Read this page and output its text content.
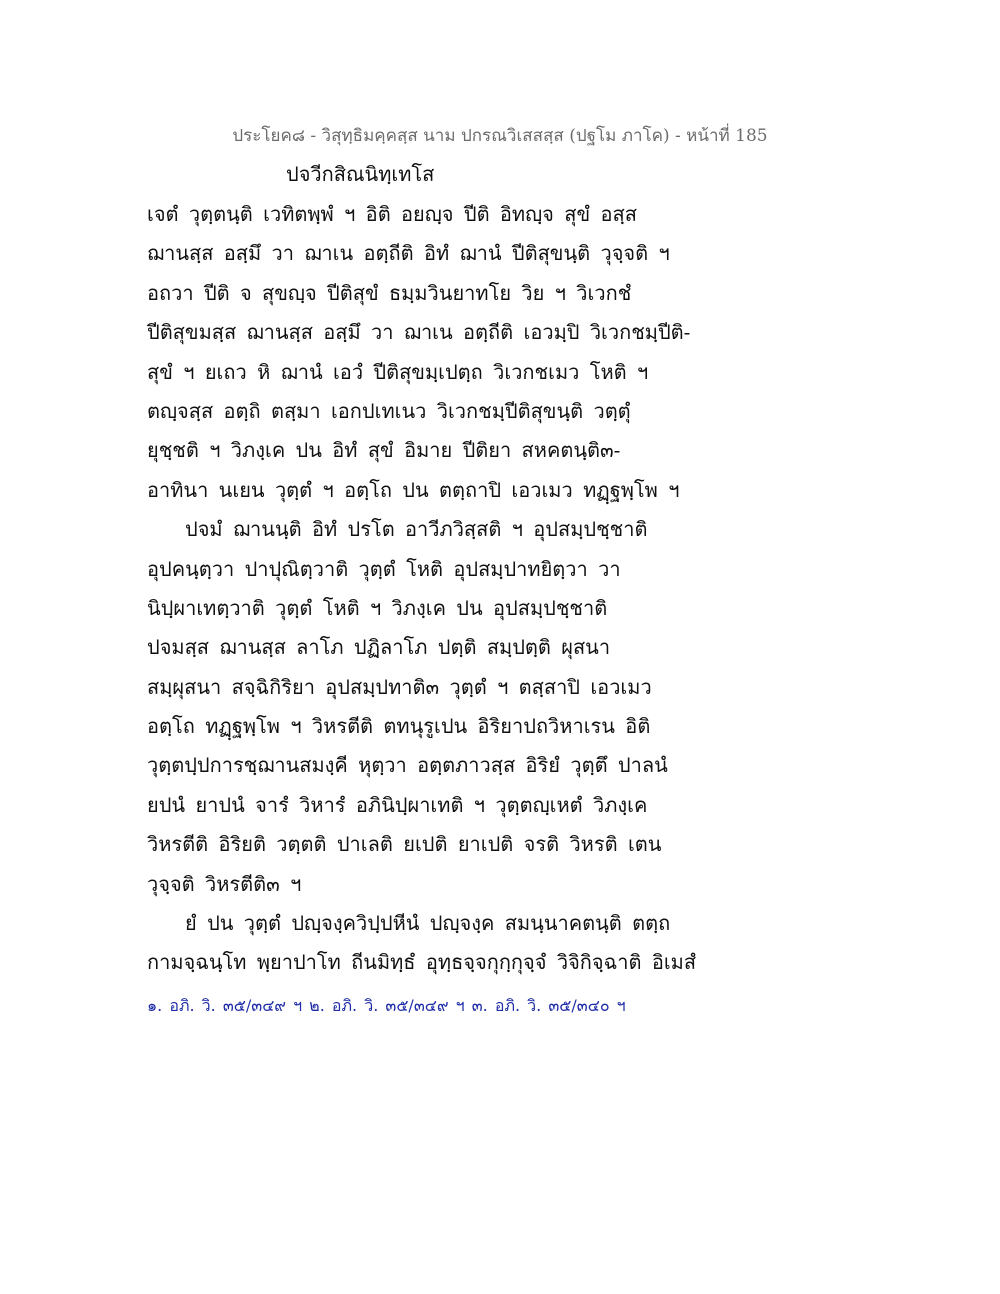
ประโยค๘ - วิสุทฺธิมคฺคสฺส นาม ปกรณวิเสสสฺส (ปฐโม ภาโค) - หน้าที่ 185
ปจวีกสิณนิทฺเทโส
เจตํ วุตฺตนฺติ เวทิตพฺพํ ฯ อิติ อยญฺจ ปีติ อิทญฺจ สุขํ อสฺส
ฌานสฺส อสฺมึ วา ฌาเน อตฺถีติ อิทํ ฌานํ ปีติสุขนฺติ วุจฺจติ ฯ
อถวา ปีติ จ สุขญฺจ ปีติสุขํ ธมฺมวินยาทโย วิย ฯ วิเวกชํ
ปีติสุขมสฺส ฌานสฺส อสฺมึ วา ฌาเน อตฺถีติ เอวมฺปิ วิเวกชมฺปีติ-
สุขํ ฯ ยเถว หิ ฌานํ เอวํ ปีติสุขมฺเปตฺถ วิเวกชเมว โหติ ฯ
ตญฺจสฺส อตฺถิ ตสฺมา เอกปเทเนว วิเวกชมฺปีติสุขนฺติ วตฺตุํ
ยุชฺชติ ฯ วิภงฺเค ปน อิทํ สุขํ อิมาย ปีติยา สหคตนฺติ๓-
อาทินา นเยน วุตฺตํ ฯ อตฺโถ ปน ตตฺถาปิ เอวเมว ทฏฺฐพฺโพ ฯ
ปจมํ ฌานนฺติ อิทํ ปรโต อาวีภวิสฺสติ ฯ อุปสมฺปชฺชาติ
อุปคนฺตฺวา ปาปุณิตฺวาติ วุตฺตํ โหติ อุปสมฺปาทยิตฺวา วา
นิปฺผาเทตฺวาติ วุตฺตํ โหติ ฯ วิภงฺเค ปน อุปสมฺปชฺชาติ
ปจมสฺส ฌานสฺส ลาโภ ปฏิลาโภ ปตฺติ สมฺปตฺติ ผุสนา
สมฺผุสนา สจฺฉิกิริยา อุปสมฺปทาติ๓ วุตฺตํ ฯ ตสฺสาปิ เอวเมว
อตฺโถ ทฏฺฐพฺโพ ฯ วิหรตีติ ตทนุรูเปน อิริยาปถวิหาเรน อิติ
วุตฺตปฺปการชฺฌานสมงฺคี หุตฺวา อตฺตภาวสฺส อิริยํ วุตฺตึ ปาลนํ
ยปนํ ยาปนํ จารํ วิหารํ อภินิปฺผาเทติ ฯ วุตฺตญฺเหตํ วิภงฺเค
วิหรตีติ อิริยติ วตฺตติ ปาเลติ ยเปติ ยาเปติ จรติ วิหรติ เตน
วุจฺจติ วิหรตีติ๓ ฯ
ยํ ปน วุตฺตํ ปญฺจงฺควิปฺปหีนํ ปญฺจงฺค สมนฺนาคตนฺติ ตตฺถ
กามจฺฉนฺโท พฺยาปาโท ถีนมิทฺธํ อุทฺธจฺจกุกฺกุจฺจํ วิจิกิจฺฉาติ อิเมสํ
๑. อภิ. วิ. ๓๕/๓๔๙ ฯ ๒. อภิ. วิ. ๓๕/๓๔๙ ฯ ๓. อภิ. วิ. ๓๕/๓๔๐ ฯ
